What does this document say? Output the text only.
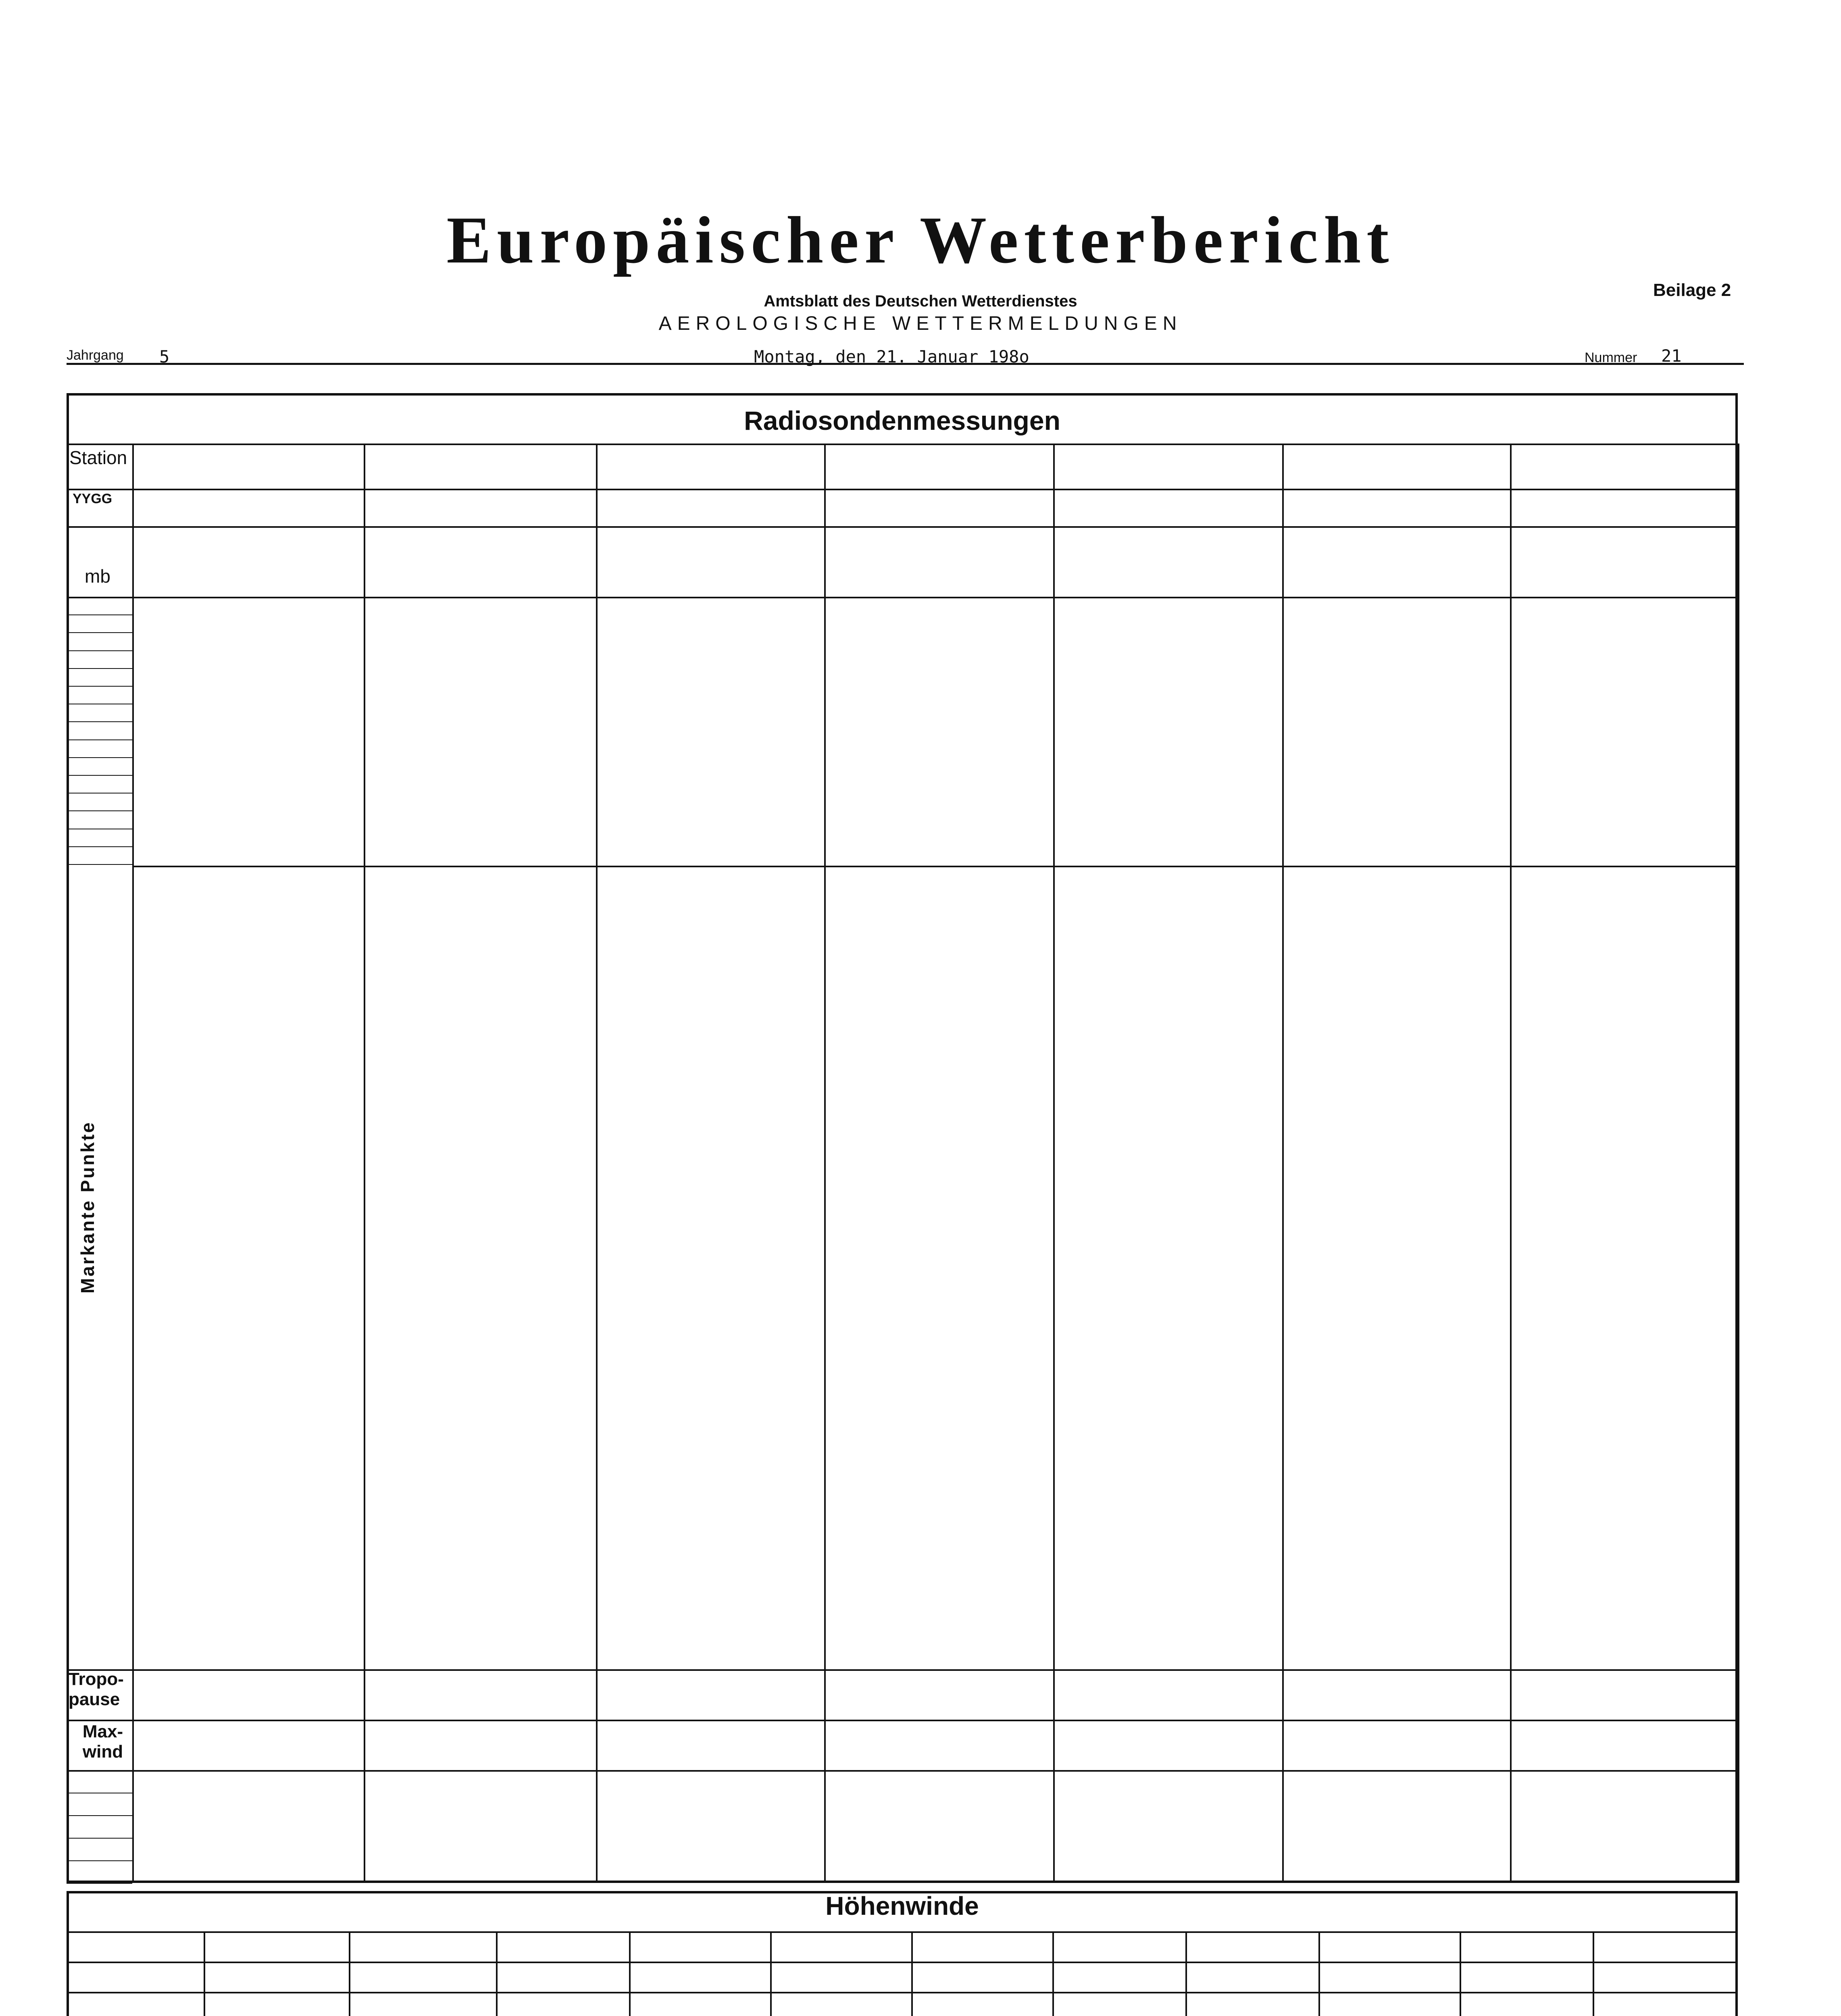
Europäischer Wetterbericht
Amtsblatt des Deutschen Wetterdienstes
Beilage 2
AEROLOGISCHE WETTERMELDUNGEN
Jahrgang 5	Montag, den 21. Januar 198o	Nummer 21
Radiosondenmessungen
Station
YYGG
mb
Markante Punkte
Tropo-
pause
Max-
wind
Höhenwinde
